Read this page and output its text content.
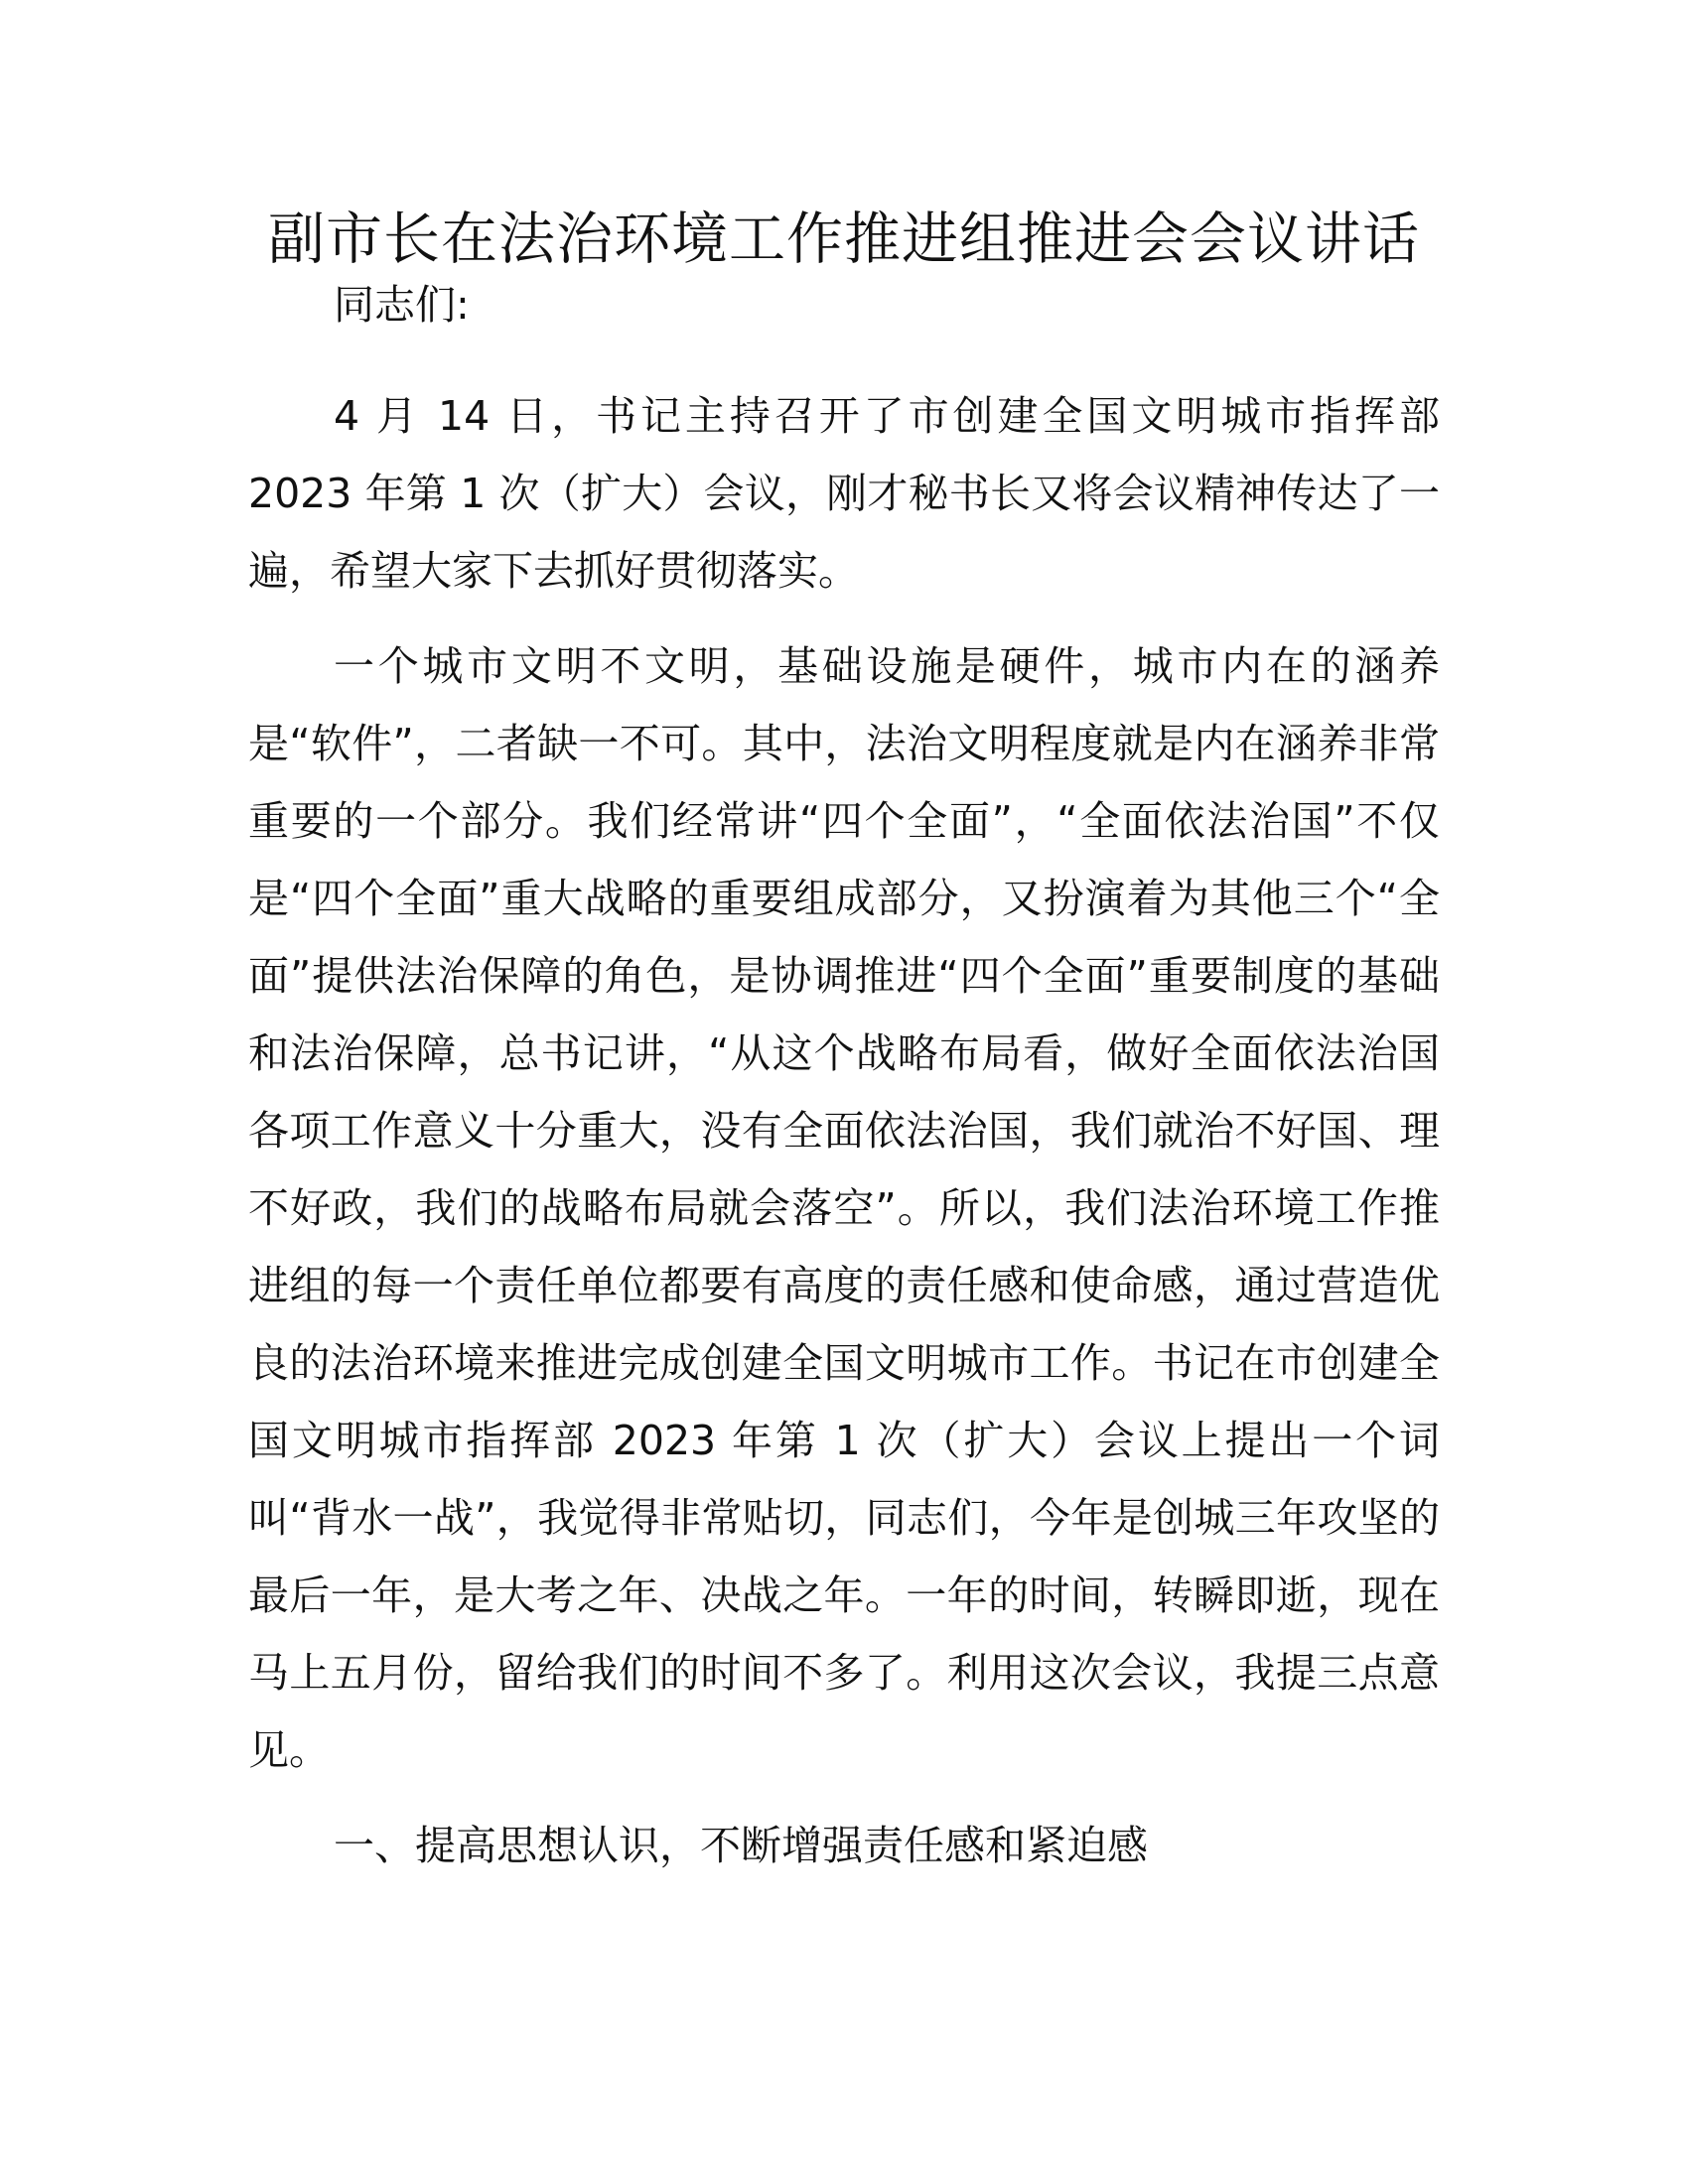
副市长在法治环境工作推进组推进会会议讲话

同志们:

4 月 14 日，书记主持召开了市创建全国文明城市指挥部 2023 年第 1 次（扩大）会议，刚才秘书长又将会议精神传达了一遍，希望大家下去抓好贯彻落实。

一个城市文明不文明，基础设施是硬件，城市内在的涵养是“软件”，二者缺一不可。其中，法治文明程度就是内在涵养非常重要的一个部分。我们经常讲“四个全面”，“全面依法治国”不仅是“四个全面”重大战略的重要组成部分，又扮演着为其他三个“全面”提供法治保障的角色，是协调推进“四个全面”重要制度的基础和法治保障，总书记讲，“从这个战略布局看，做好全面依法治国各项工作意义十分重大，没有全面依法治国，我们就治不好国、理不好政，我们的战略布局就会落空”。所以，我们法治环境工作推进组的每一个责任单位都要有高度的责任感和使命感，通过营造优良的法治环境来推进完成创建全国文明城市工作。书记在市创建全国文明城市指挥部 2023 年第 1 次（扩大）会议上提出一个词叫“背水一战”，我觉得非常贴切，同志们，今年是创城三年攻坚的最后一年，是大考之年、决战之年。一年的时间，转瞬即逝，现在马上五月份，留给我们的时间不多了。利用这次会议，我提三点意见。

一、提高思想认识，不断增强责任感和紧迫感
